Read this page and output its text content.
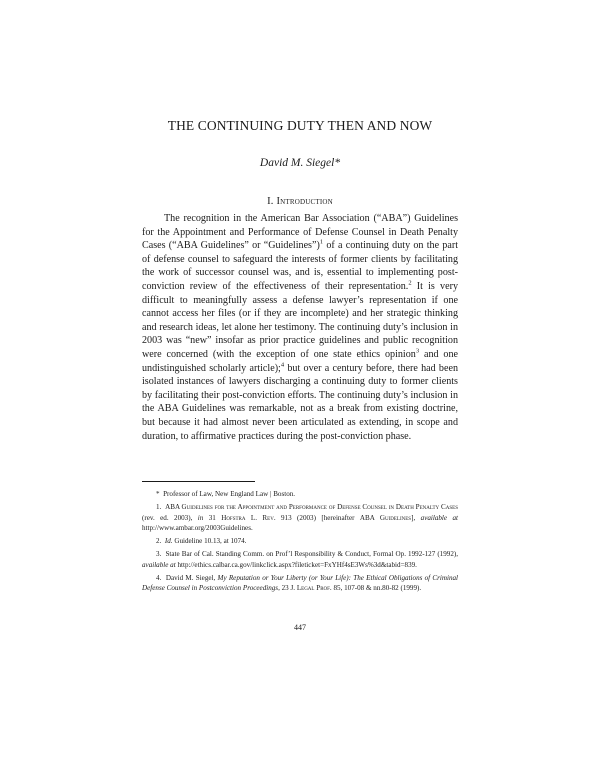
THE CONTINUING DUTY THEN AND NOW
David M. Siegel*
I. Introduction

The recognition in the American Bar Association (“ABA”) Guidelines for the Appointment and Performance of Defense Counsel in Death Penalty Cases (“ABA Guidelines” or “Guidelines”)$^1$ of a continuing duty on the part of defense counsel to safeguard the interests of former clients by facilitating the work of successor counsel was, and is, essential to implementing post-conviction review of the effectiveness of their representation.$^2$ It is very difficult to meaningfully assess a defense lawyer’s representation if one cannot access her files (or if they are incomplete) and her strategic thinking and research ideas, let alone her testimony. The continuing duty’s inclusion in 2003 was “new” insofar as prior practice guidelines and public recognition were concerned (with the exception of one state ethics opinion$^3$ and one undistinguished scholarly article);$^4$ but over a century before, there had been isolated instances of lawyers discharging a continuing duty to former clients by facilitating their post-conviction efforts. The continuing duty’s inclusion in the ABA Guidelines was remarkable, not as a break from existing doctrine, but because it had almost never been articulated as extending, in scope and duration, to affirmative practices during the post-conviction phase.

* Professor of Law, New England Law | Boston.

1. ABA Guidelines for the Appointment and Performance of Defense Counsel in Death Penalty Cases (rev. ed. 2003), in 31 Hofstra L. Rev. 913 (2003) [hereinafter ABA Guidelines], available at http://www.ambar.org/2003Guidelines.

2. Id. Guideline 10.13, at 1074.

3. State Bar of Cal. Standing Comm. on Prof’l Responsibility & Conduct, Formal Op. 1992-127 (1992), available at http://ethics.calbar.ca.gov/linkclick.aspx?fileticket=FxYHf4sE3Ws%3d&tabid=839.

4. David M. Siegel, My Reputation or Your Liberty (or Your Life): The Ethical Obligations of Criminal Defense Counsel in Postconviction Proceedings, 23 J. Legal Prof. 85, 107-08 & nn.80-82 (1999).

447
